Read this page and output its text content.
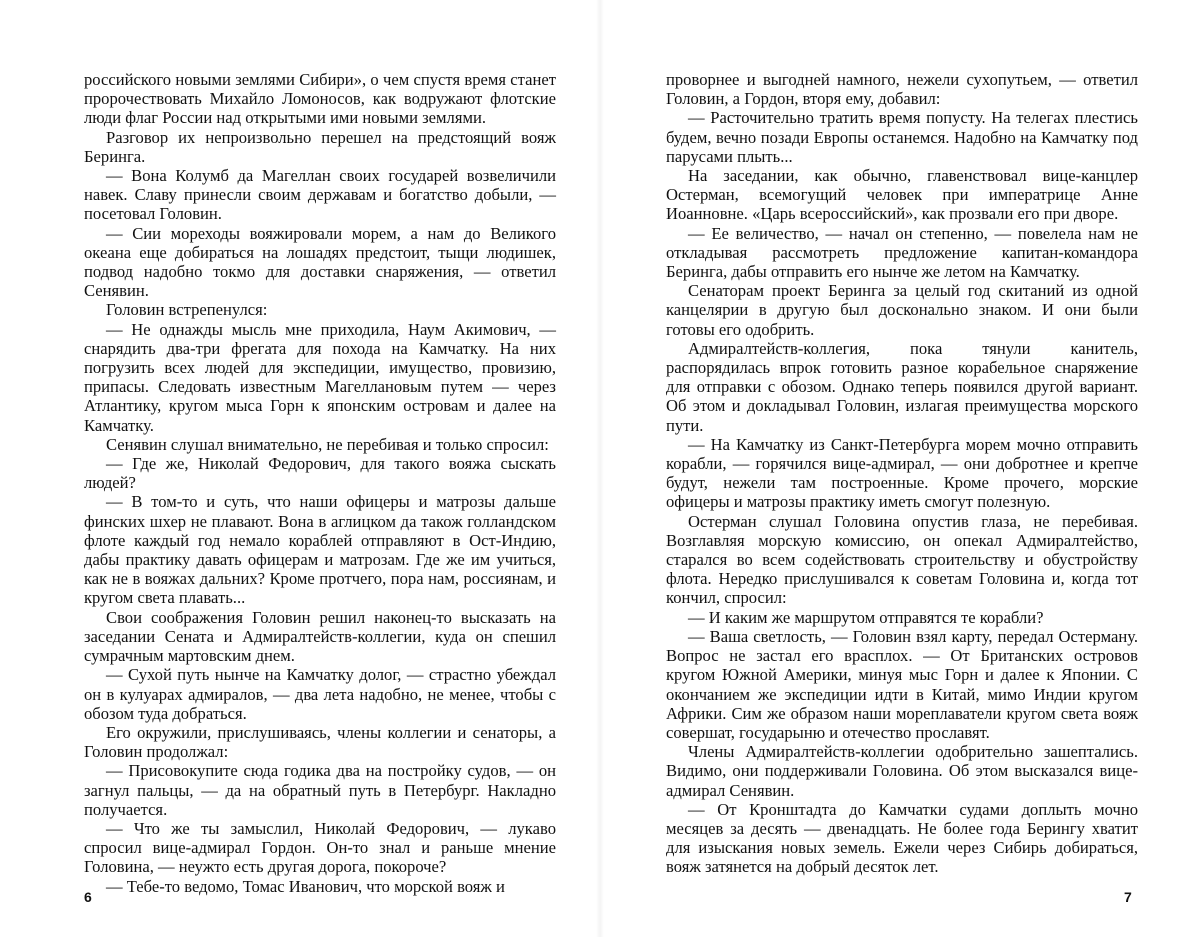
российского новыми землями Сибири», о чем спустя время станет пророчествовать Михайло Ломоносов, как водружают флотские люди флаг России над открытыми ими новыми землями.

Разговор их непроизвольно перешел на предстоящий вояж Беринга.

— Вона Колумб да Магеллан своих государей возвеличили навек. Славу принесли своим державам и богатство добыли, — посетовал Головин.

— Сии мореходы вояжировали морем, а нам до Великого океана еще добираться на лошадях предстоит, тыщи людишек, подвод надобно токмо для доставки снаряжения, — ответил Сенявин.

Головин встрепенулся:

— Не однажды мысль мне приходила, Наум Акимович, — снарядить два-три фрегата для похода на Камчатку. На них погрузить всех людей для экспедиции, имущество, провизию, припасы. Следовать известным Магеллановым путем — через Атлантику, кругом мыса Горн к японским островам и далее на Камчатку.

Сенявин слушал внимательно, не перебивая и только спросил:

— Где же, Николай Федорович, для такого вояжа сыскать людей?

— В том-то и суть, что наши офицеры и матрозы дальше финских шхер не плавают. Вона в аглицком да також голландском флоте каждый год немало кораблей отправляют в Ост-Индию, дабы практику давать офицерам и матрозам. Где же им учиться, как не в вояжах дальних? Кроме протчего, пора нам, россиянам, и кругом света плавать...

Свои соображения Головин решил наконец-то высказать на заседании Сената и Адмиралтейств-коллегии, куда он спешил сумрачным мартовским днем.

— Сухой путь нынче на Камчатку долог, — страстно убеждал он в кулуарах адмиралов, — два лета надобно, не менее, чтобы с обозом туда добраться.

Его окружили, прислушиваясь, члены коллегии и сенаторы, а Головин продолжал:

— Присовокупите сюда годика два на постройку судов, — он загнул пальцы, — да на обратный путь в Петербург. Накладно получается.

— Что же ты замыслил, Николай Федорович, — лукаво спросил вице-адмирал Гордон. Он-то знал и раньше мнение Головина, — неужто есть другая дорога, покороче?

— Тебе-то ведомо, Томас Иванович, что морской вояж и

6

проворнее и выгодней намного, нежели сухопутьем, — ответил Головин, а Гордон, вторя ему, добавил:

— Расточительно тратить время попусту. На телегах плестись будем, вечно позади Европы останемся. Надобно на Камчатку под парусами плыть...

На заседании, как обычно, главенствовал вице-канцлер Остерман, всемогущий человек при императрице Анне Иоанновне. «Царь всероссийский», как прозвали его при дворе.

— Ее величество, — начал он степенно, — повелела нам не откладывая рассмотреть предложение капитан-командора Беринга, дабы отправить его нынче же летом на Камчатку.

Сенаторам проект Беринга за целый год скитаний из одной канцелярии в другую был досконально знаком. И они были готовы его одобрить.

Адмиралтейств-коллегия, пока тянули канитель, распорядилась впрок готовить разное корабельное снаряжение для отправки с обозом. Однако теперь появился другой вариант. Об этом и докладывал Головин, излагая преимущества морского пути.

— На Камчатку из Санкт-Петербурга морем мочно отправить корабли, — горячился вице-адмирал, — они добротнее и крепче будут, нежели там построенные. Кроме прочего, морские офицеры и матрозы практику иметь смогут полезную.

Остерман слушал Головина опустив глаза, не перебивая. Возглавляя морскую комиссию, он опекал Адмиралтейство, старался во всем содействовать строительству и обустройству флота. Нередко прислушивался к советам Головина и, когда тот кончил, спросил:

— И каким же маршрутом отправятся те корабли?

— Ваша светлость, — Головин взял карту, передал Остерману. Вопрос не застал его врасплох. — От Британских островов кругом Южной Америки, минуя мыс Горн и далее к Японии. С окончанием же экспедиции идти в Китай, мимо Индии кругом Африки. Сим же образом наши мореплаватели кругом света вояж совершат, государыню и отечество прославят.

Члены Адмиралтейств-коллегии одобрительно зашептались. Видимо, они поддерживали Головина. Об этом высказался вице-адмирал Сенявин.

— От Кронштадта до Камчатки судами доплыть мочно месяцев за десять — двенадцать. Не более года Берингу хватит для изыскания новых земель. Ежели через Сибирь добираться, вояж затянется на добрый десяток лет.

7
